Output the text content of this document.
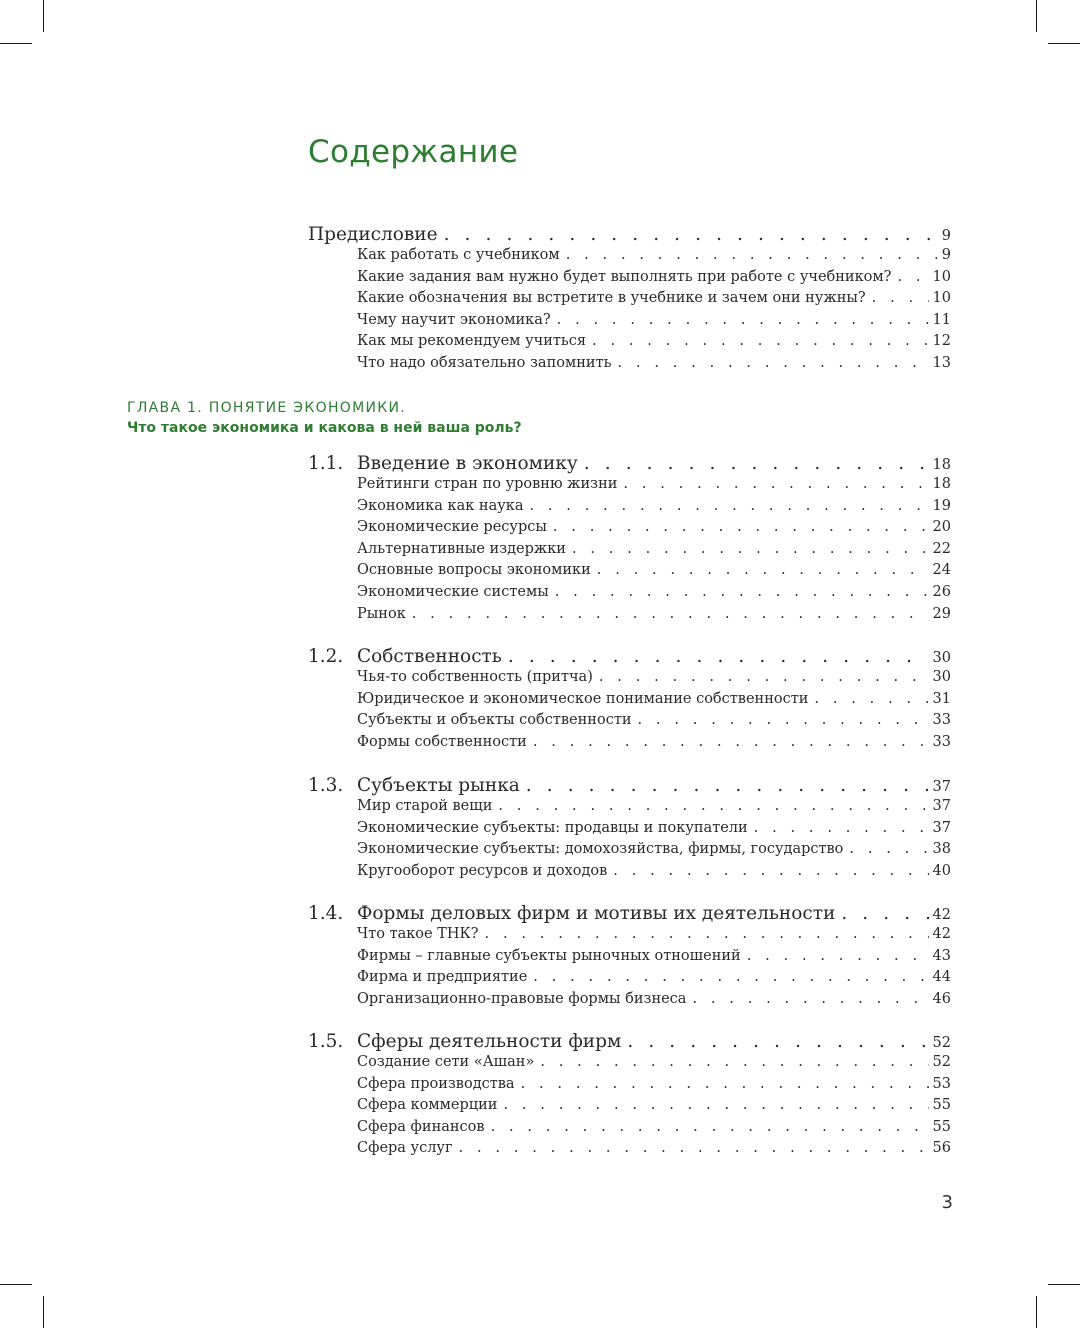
Содержание
Предисловие . . .	9
Как работать с учебником . . .	9
Какие задания вам нужно будет выполнять при работе с учебником? . . .	10
Какие обозначения вы встретите в учебнике и зачем они нужны? . . .	10
Чему научит экономика? . . .	11
Как мы рекомендуем учиться . . .	12
Что надо обязательно запомнить . . .	13
ГЛАВА 1. ПОНЯТИЕ ЭКОНОМИКИ.
Что такое экономика и какова в ней ваша роль?
1.1. Введение в экономику . . .	18
Рейтинги стран по уровню жизни . . .	18
Экономика как наука . . .	19
Экономические ресурсы . . .	20
Альтернативные издержки . . .	22
Основные вопросы экономики . . .	24
Экономические системы . . .	26
Рынок . . .	29
1.2. Собственность . . .	30
Чья-то собственность (притча) . . .	30
Юридическое и экономическое понимание собственности . . .	31
Субъекты и объекты собственности . . .	33
Формы собственности . . .	33
1.3. Субъекты рынка . . .	37
Мир старой вещи . . .	37
Экономические субъекты: продавцы и покупатели . . .	37
Экономические субъекты: домохозяйства, фирмы, государство . . .	38
Кругооборот ресурсов и доходов . . .	40
1.4. Формы деловых фирм и мотивы их деятельности . . .	42
Что такое ТНК? . . .	42
Фирмы – главные субъекты рыночных отношений . . .	43
Фирма и предприятие . . .	44
Организационно-правовые формы бизнеса . . .	46
1.5. Сферы деятельности фирм . . .	52
Создание сети «Ашан» . . .	52
Сфера производства . . .	53
Сфера коммерции . . .	55
Сфера финансов . . .	55
Сфера услуг . . .	56
3
